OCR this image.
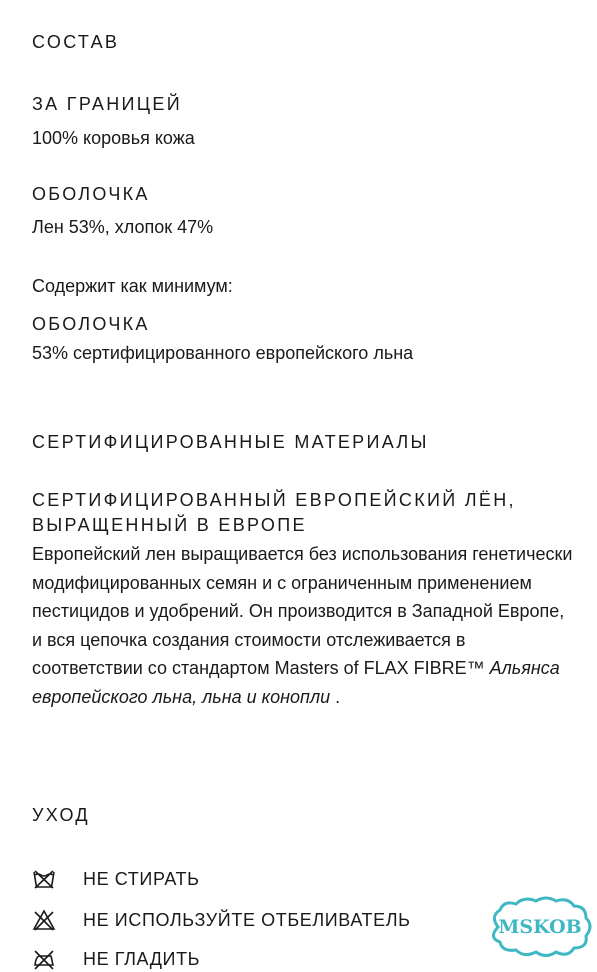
СОСТАВ
ЗА ГРАНИЦЕЙ
100% коровья кожа
ОБОЛОЧКА
Лен 53%, хлопок 47%
Содержит как минимум:
ОБОЛОЧКА
53% сертифицированного европейского льна
СЕРТИФИЦИРОВАННЫЕ МАТЕРИАЛЫ
СЕРТИФИЦИРОВАННЫЙ ЕВРОПЕЙСКИЙ ЛЁН,
ВЫРАЩЕННЫЙ В ЕВРОПЕ
Европейский лен выращивается без использования генетически модифицированных семян и с ограниченным применением пестицидов и удобрений. Он производится в Западной Европе, и вся цепочка создания стоимости отслеживается в соответствии со стандартом Masters of FLAX FIBRE™ Альянса европейского льна, льна и конопли .
УХОД
НЕ СТИРАТЬ
НЕ ИСПОЛЬЗУЙТЕ ОТБЕЛИВАТЕЛЬ
НЕ ГЛАДИТЬ
MSKOB
